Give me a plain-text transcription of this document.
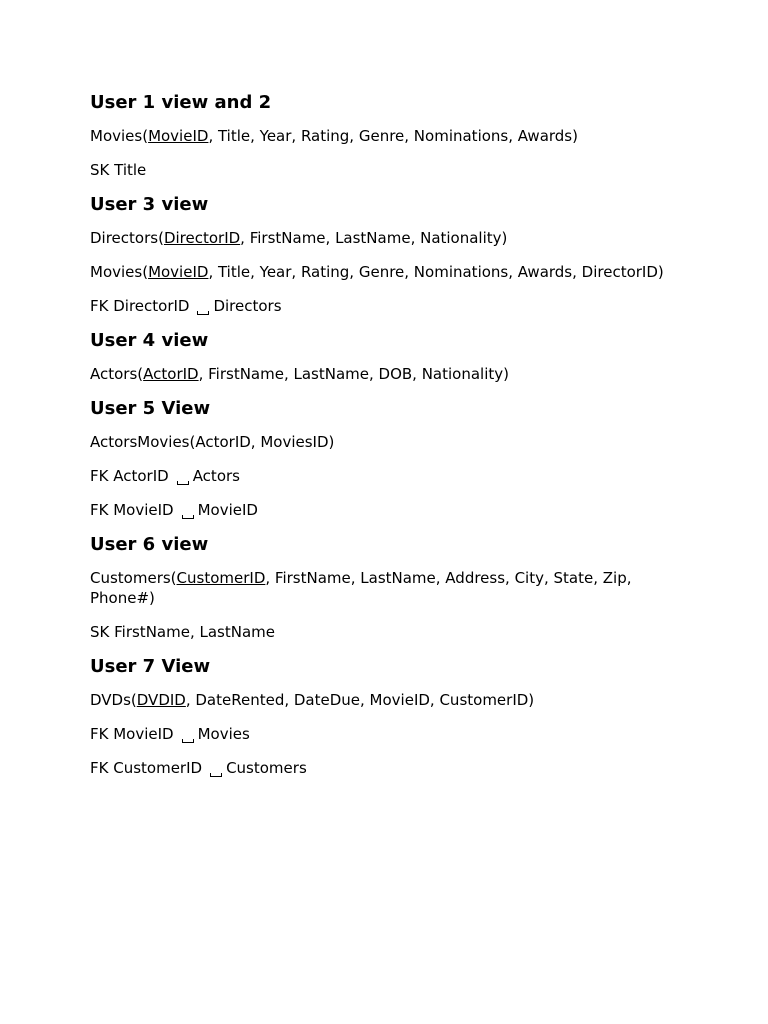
User 1 view and 2

Movies(MovieID, Title, Year, Rating, Genre, Nominations, Awards)

SK Title

User 3 view

Directors(DirectorID, FirstName, LastName, Nationality)

Movies(MovieID, Title, Year, Rating, Genre, Nominations, Awards, DirectorID)

FK DirectorID Directors

User 4 view

Actors(ActorID, FirstName, LastName, DOB, Nationality)

User 5 View

ActorsMovies(ActorID, MoviesID)

FK ActorID Actors

FK MovieID MovieID

User 6 view

Customers(CustomerID, FirstName, LastName, Address, City, State, Zip, Phone#)

SK FirstName, LastName

User 7 View

DVDs(DVDID, DateRented, DateDue, MovieID, CustomerID)

FK MovieID Movies

FK CustomerID Customers
